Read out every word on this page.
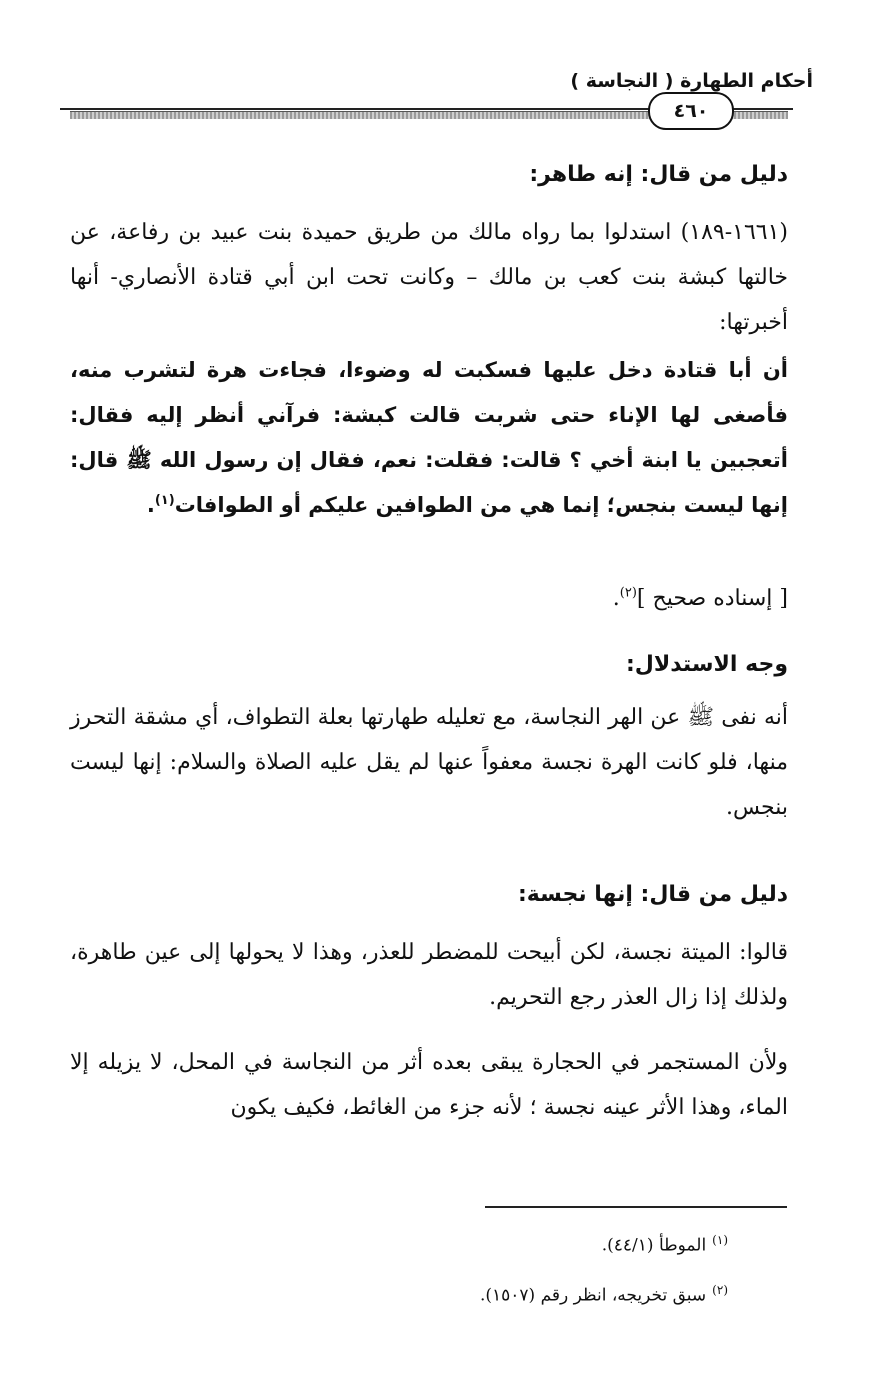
أحكام الطهارة ( النجاسة )
٤٦٠

دليل من قال: إنه طاهر:

(١٦٦١-١٨٩) استدلوا بما رواه مالك من طريق حميدة بنت عبيد بن رفاعة، عن خالتها كبشة بنت كعب بن مالك – وكانت تحت ابن أبي قتادة الأنصاري- أنها أخبرتها:

أن أبا قتادة دخل عليها فسكبت له وضوءا، فجاءت هرة لتشرب منه، فأصغى لها الإناء حتى شربت قالت كبشة: فرآني أنظر إليه فقال: أتعجبين يا ابنة أخي ؟ قالت: فقلت: نعم، فقال إن رسول الله ﷺ قال: إنها ليست بنجس؛ إنما هي من الطوافين عليكم أو الطوافات$^{(١)}$.

[ إسناده صحيح ]$^{(٢)}$.

وجه الاستدلال:

أنه نفى ﷺ عن الهر النجاسة، مع تعليله طهارتها بعلة التطواف، أي مشقة التحرز منها، فلو كانت الهرة نجسة معفواً عنها لم يقل عليه الصلاة والسلام: إنها ليست بنجس.

دليل من قال: إنها نجسة:

قالوا: الميتة نجسة، لكن أبيحت للمضطر للعذر، وهذا لا يحولها إلى عين طاهرة، ولذلك إذا زال العذر رجع التحريم.

ولأن المستجمر في الحجارة يبقى بعده أثر من النجاسة في المحل، لا يزيله إلا الماء، وهذا الأثر عينه نجسة ؛ لأنه جزء من الغائط، فكيف يكون

$^{(١)}$الموطأ (٤٤/١).
$^{(٢)}$سبق تخريجه، انظر رقم (١٥٠٧).
